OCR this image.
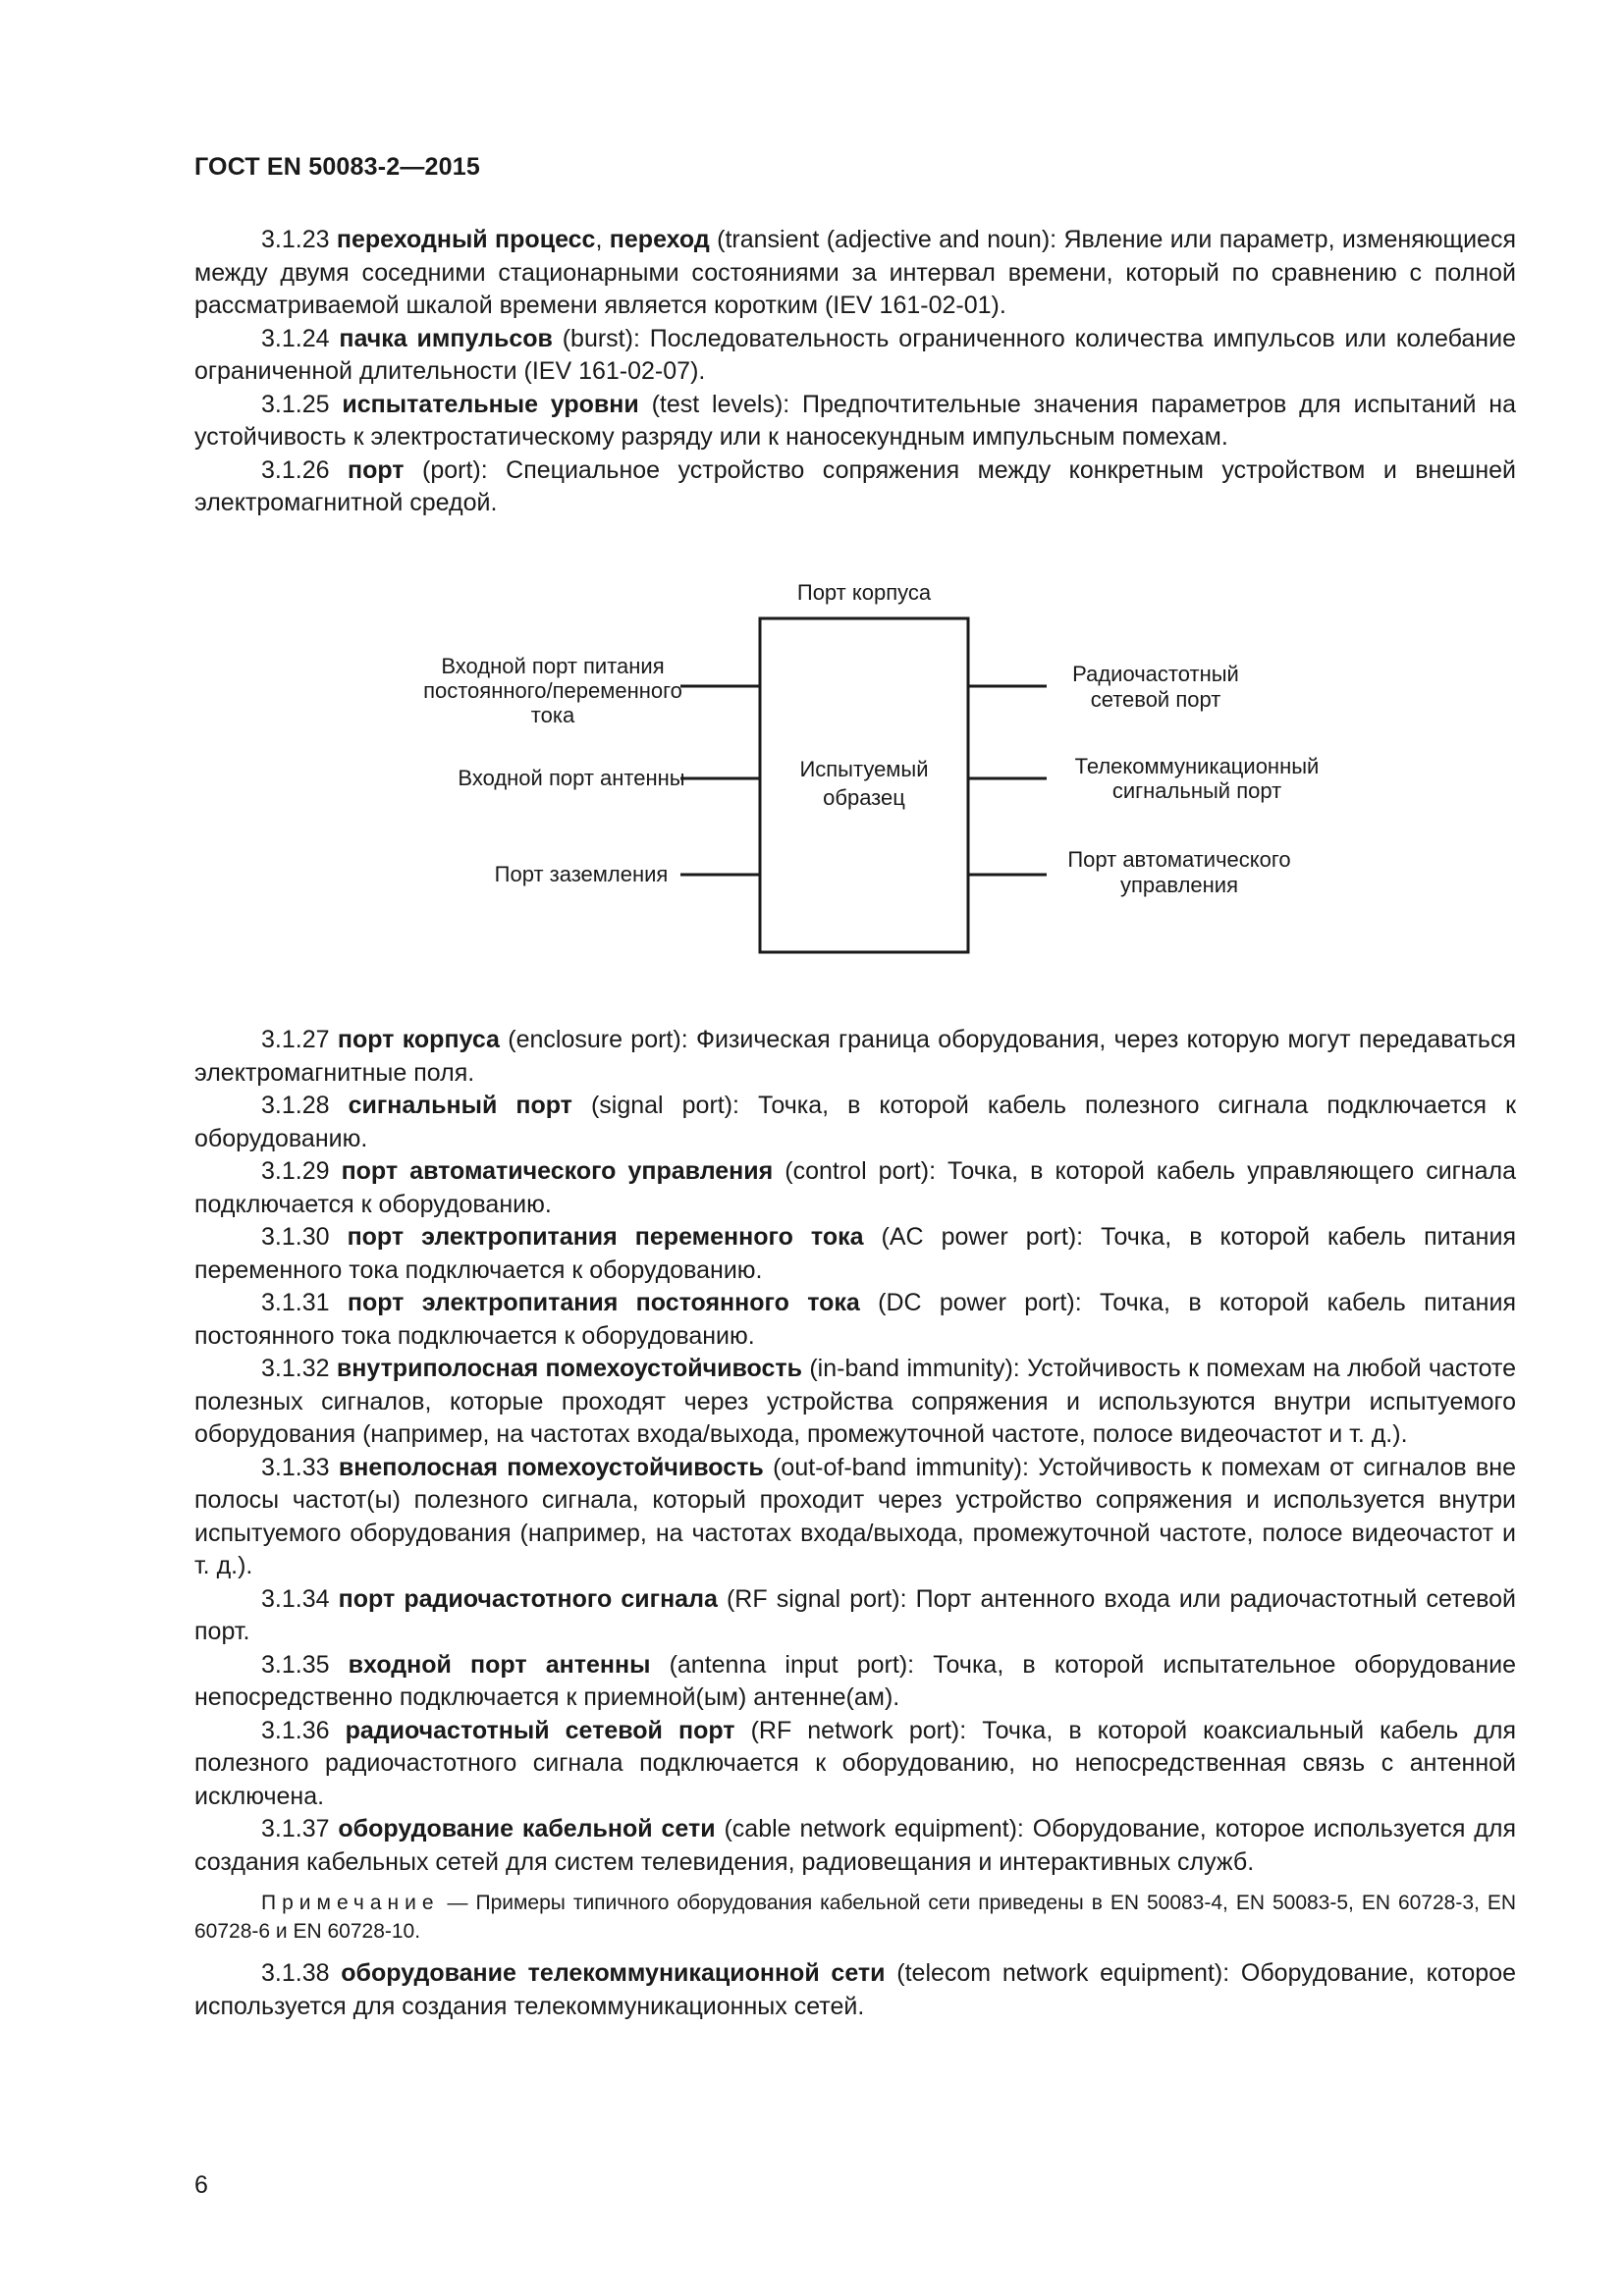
ГОСТ EN 50083-2—2015

3.1.23 переходный процесс, переход (transient (adjective and noun): Явление или параметр, изменяющиеся между двумя соседними стационарными состояниями за интервал времени, который по сравнению с полной рассматриваемой шкалой времени является коротким (IEV 161-02-01).

3.1.24 пачка импульсов (burst): Последовательность ограниченного количества импульсов или колебание ограниченной длительности (IEV 161-02-07).

3.1.25 испытательные уровни (test levels): Предпочтительные значения параметров для испытаний на устойчивость к электростатическому разряду или к наносекундным импульсным помехам.

3.1.26 порт (port): Специальное устройство сопряжения между конкретным устройством и внешней электромагнитной средой.

Порт корпуса
Испытуемый
образец
Входной порт питания
постоянного/переменного
тока
Входной порт антенны
Порт заземления
Радиочастотный
сетевой порт
Телекоммуникационный
сигнальный порт
Порт автоматического
управления

3.1.27 порт корпуса (enclosure port): Физическая граница оборудования, через которую могут передаваться электромагнитные поля.

3.1.28 сигнальный порт (signal port): Точка, в которой кабель полезного сигнала подключается к оборудованию.

3.1.29 порт автоматического управления (control port): Точка, в которой кабель управляющего сигнала подключается к оборудованию.

3.1.30 порт электропитания переменного тока (AC power port): Точка, в которой кабель питания переменного тока подключается к оборудованию.

3.1.31 порт электропитания постоянного тока (DC power port): Точка, в которой кабель питания постоянного тока подключается к оборудованию.

3.1.32 внутриполосная помехоустойчивость (in-band immunity): Устойчивость к помехам на любой частоте полезных сигналов, которые проходят через устройства сопряжения и используются внутри испытуемого оборудования (например, на частотах входа/выхода, промежуточной частоте, полосе видеочастот и т. д.).

3.1.33 внеполосная помехоустойчивость (out-of-band immunity): Устойчивость к помехам от сигналов вне полосы частот(ы) полезного сигнала, который проходит через устройство сопряжения и используется внутри испытуемого оборудования (например, на частотах входа/выхода, промежуточной частоте, полосе видеочастот и т. д.).

3.1.34 порт радиочастотного сигнала (RF signal port): Порт антенного входа или радиочастотный сетевой порт.

3.1.35 входной порт антенны (antenna input port): Точка, в которой испытательное оборудование непосредственно подключается к приемной(ым) антенне(ам).

3.1.36 радиочастотный сетевой порт (RF network port): Точка, в которой коаксиальный кабель для полезного радиочастотного сигнала подключается к оборудованию, но непосредственная связь с антенной исключена.

3.1.37 оборудование кабельной сети (cable network equipment): Оборудование, которое используется для создания кабельных сетей для систем телевидения, радиовещания и интерактивных служб.

Примечание — Примеры типичного оборудования кабельной сети приведены в EN 50083-4, EN 50083-5, EN 60728-3, EN 60728-6 и EN 60728-10.

3.1.38 оборудование телекоммуникационной сети (telecom network equipment): Оборудование, которое используется для создания телекоммуникационных сетей.

6
